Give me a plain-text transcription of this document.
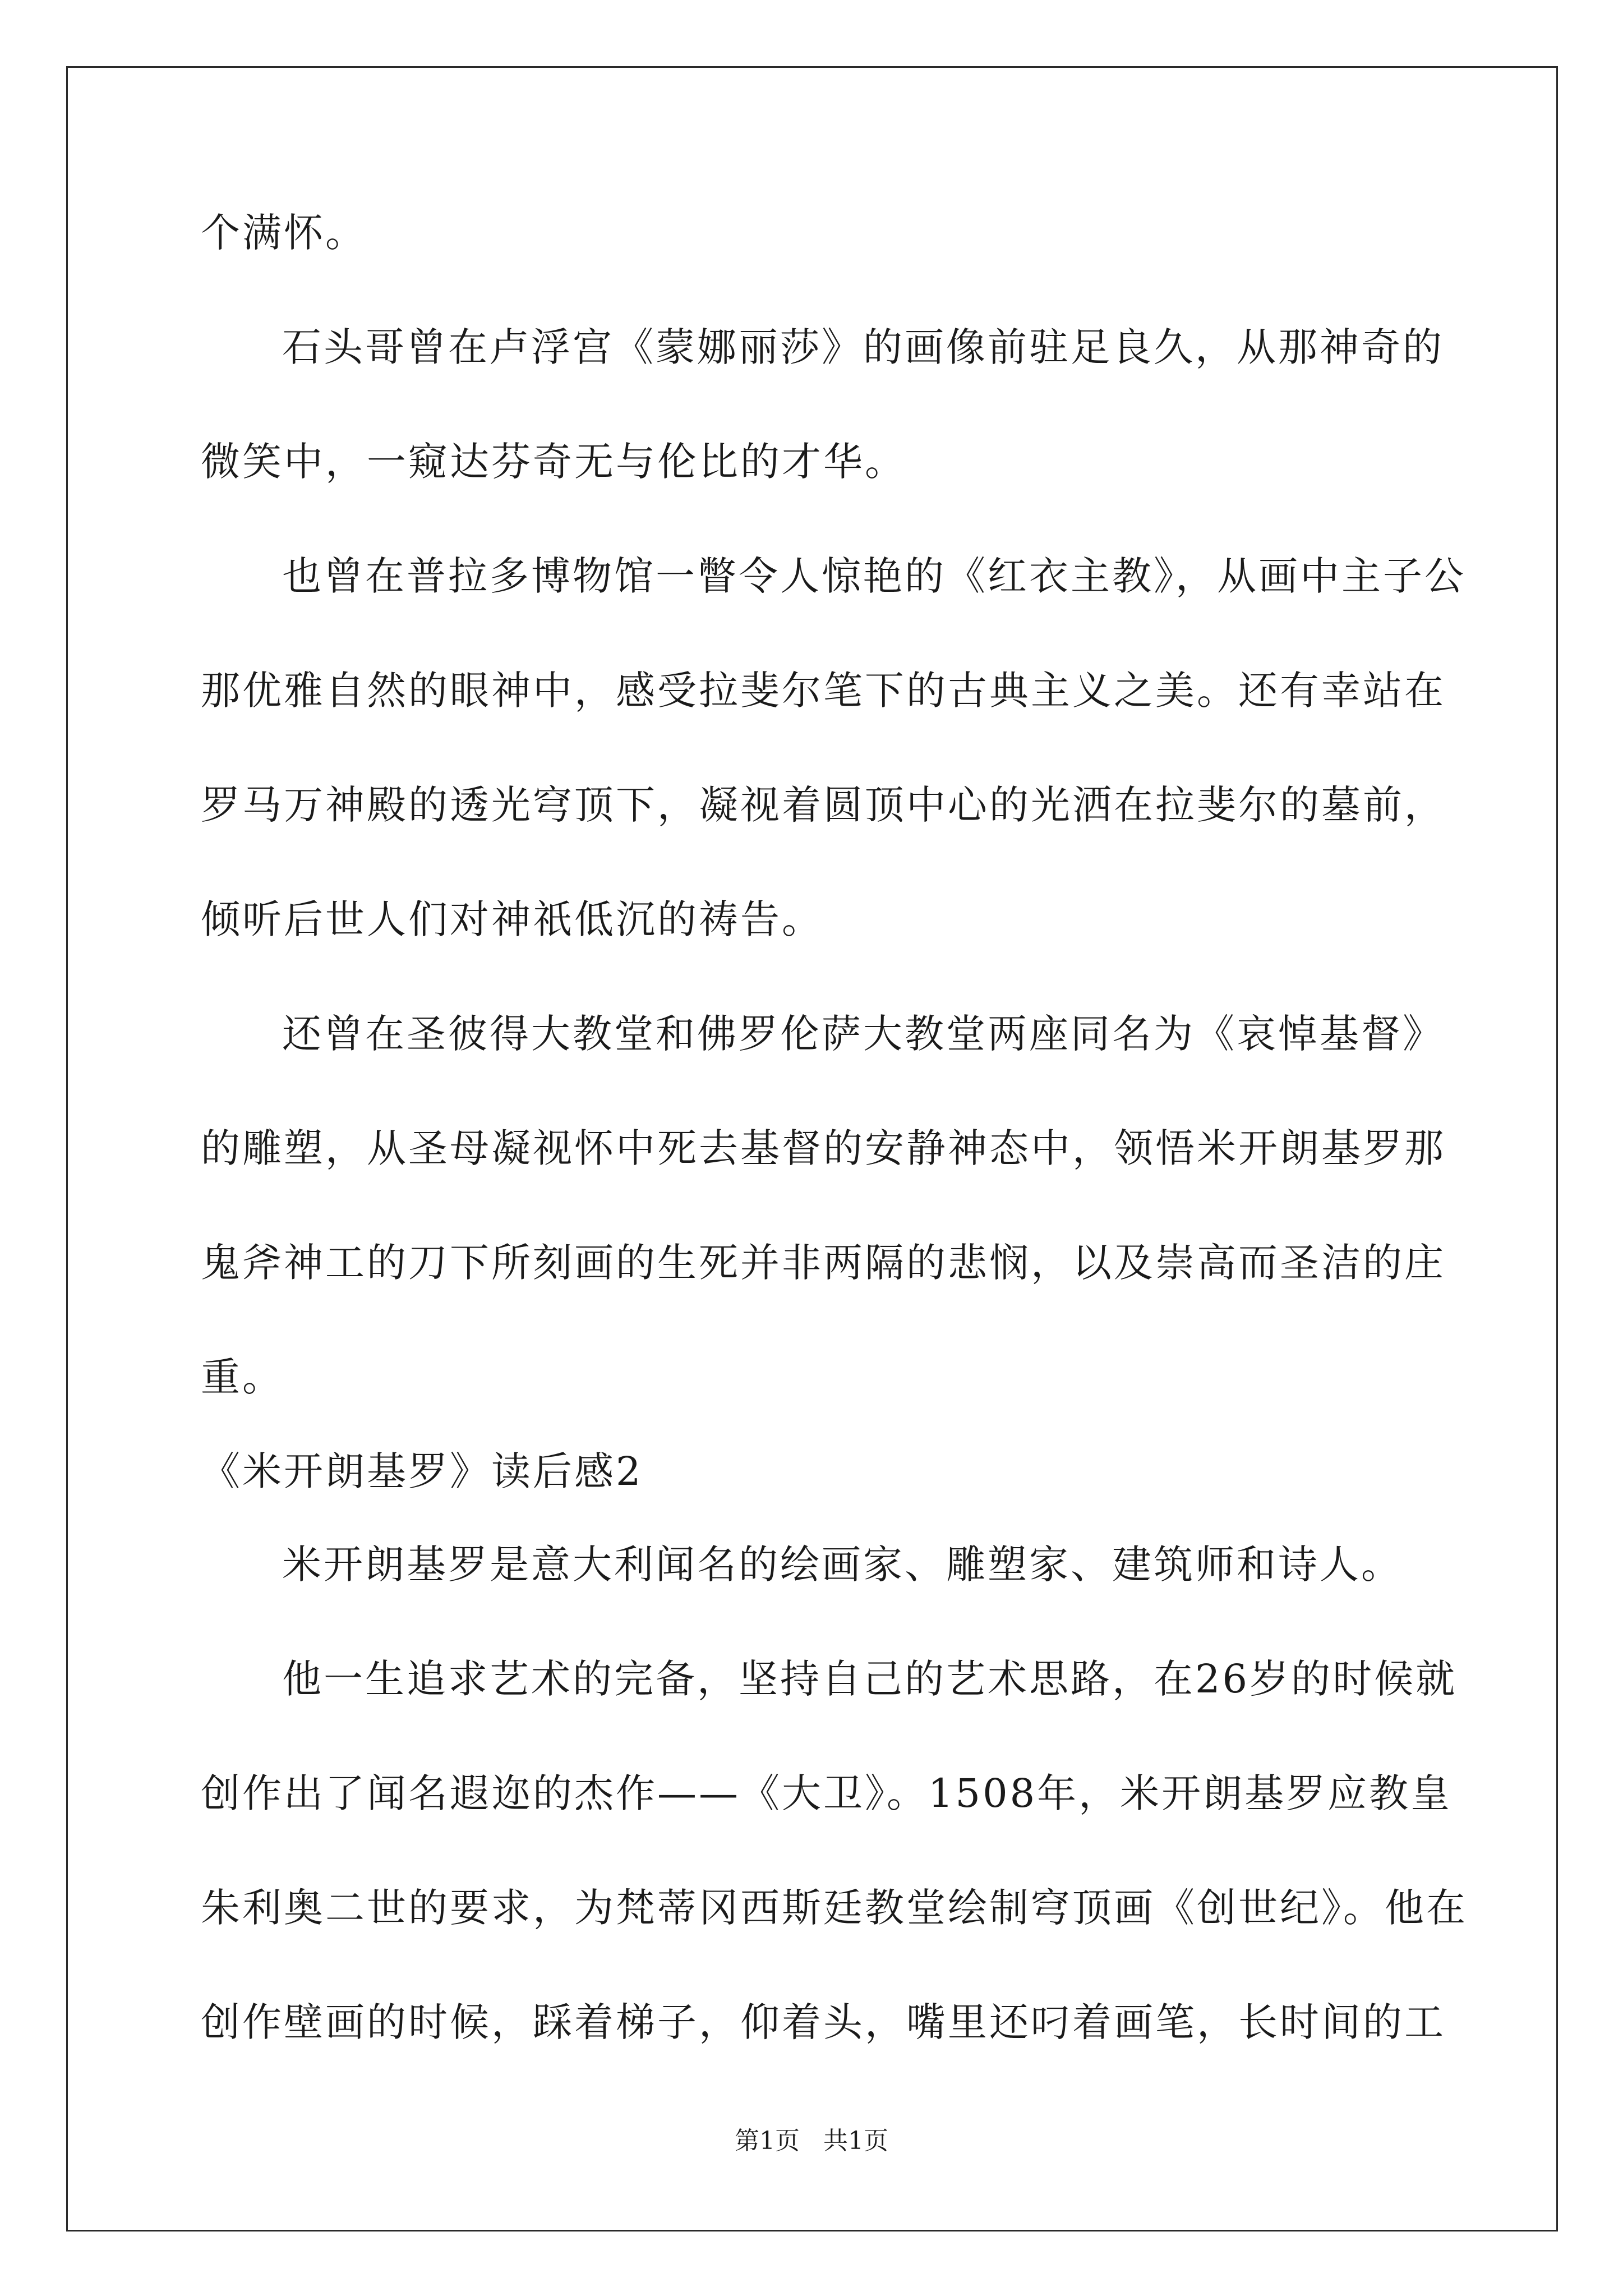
个满怀。
石头哥曾在卢浮宫《蒙娜丽莎》的画像前驻足良久，从那神奇的
微笑中，一窥达芬奇无与伦比的才华。
也曾在普拉多博物馆一瞥令人惊艳的《红衣主教》，从画中主子公
那优雅自然的眼神中，感受拉斐尔笔下的古典主义之美。还有幸站在
罗马万神殿的透光穹顶下，凝视着圆顶中心的光洒在拉斐尔的墓前，
倾听后世人们对神祇低沉的祷告。
还曾在圣彼得大教堂和佛罗伦萨大教堂两座同名为《哀悼基督》
的雕塑，从圣母凝视怀中死去基督的安静神态中，领悟米开朗基罗那
鬼斧神工的刀下所刻画的生死并非两隔的悲悯，以及崇高而圣洁的庄
重。
《米开朗基罗》读后感2
米开朗基罗是意大利闻名的绘画家、雕塑家、建筑师和诗人。
他一生追求艺术的完备，坚持自己的艺术思路，在26岁的时候就
创作出了闻名遐迩的杰作——《大卫》。1508年，米开朗基罗应教皇
朱利奥二世的要求，为梵蒂冈西斯廷教堂绘制穹顶画《创世纪》。他在
创作壁画的时候，踩着梯子，仰着头，嘴里还叼着画笔，长时间的工
第1页   共1页
